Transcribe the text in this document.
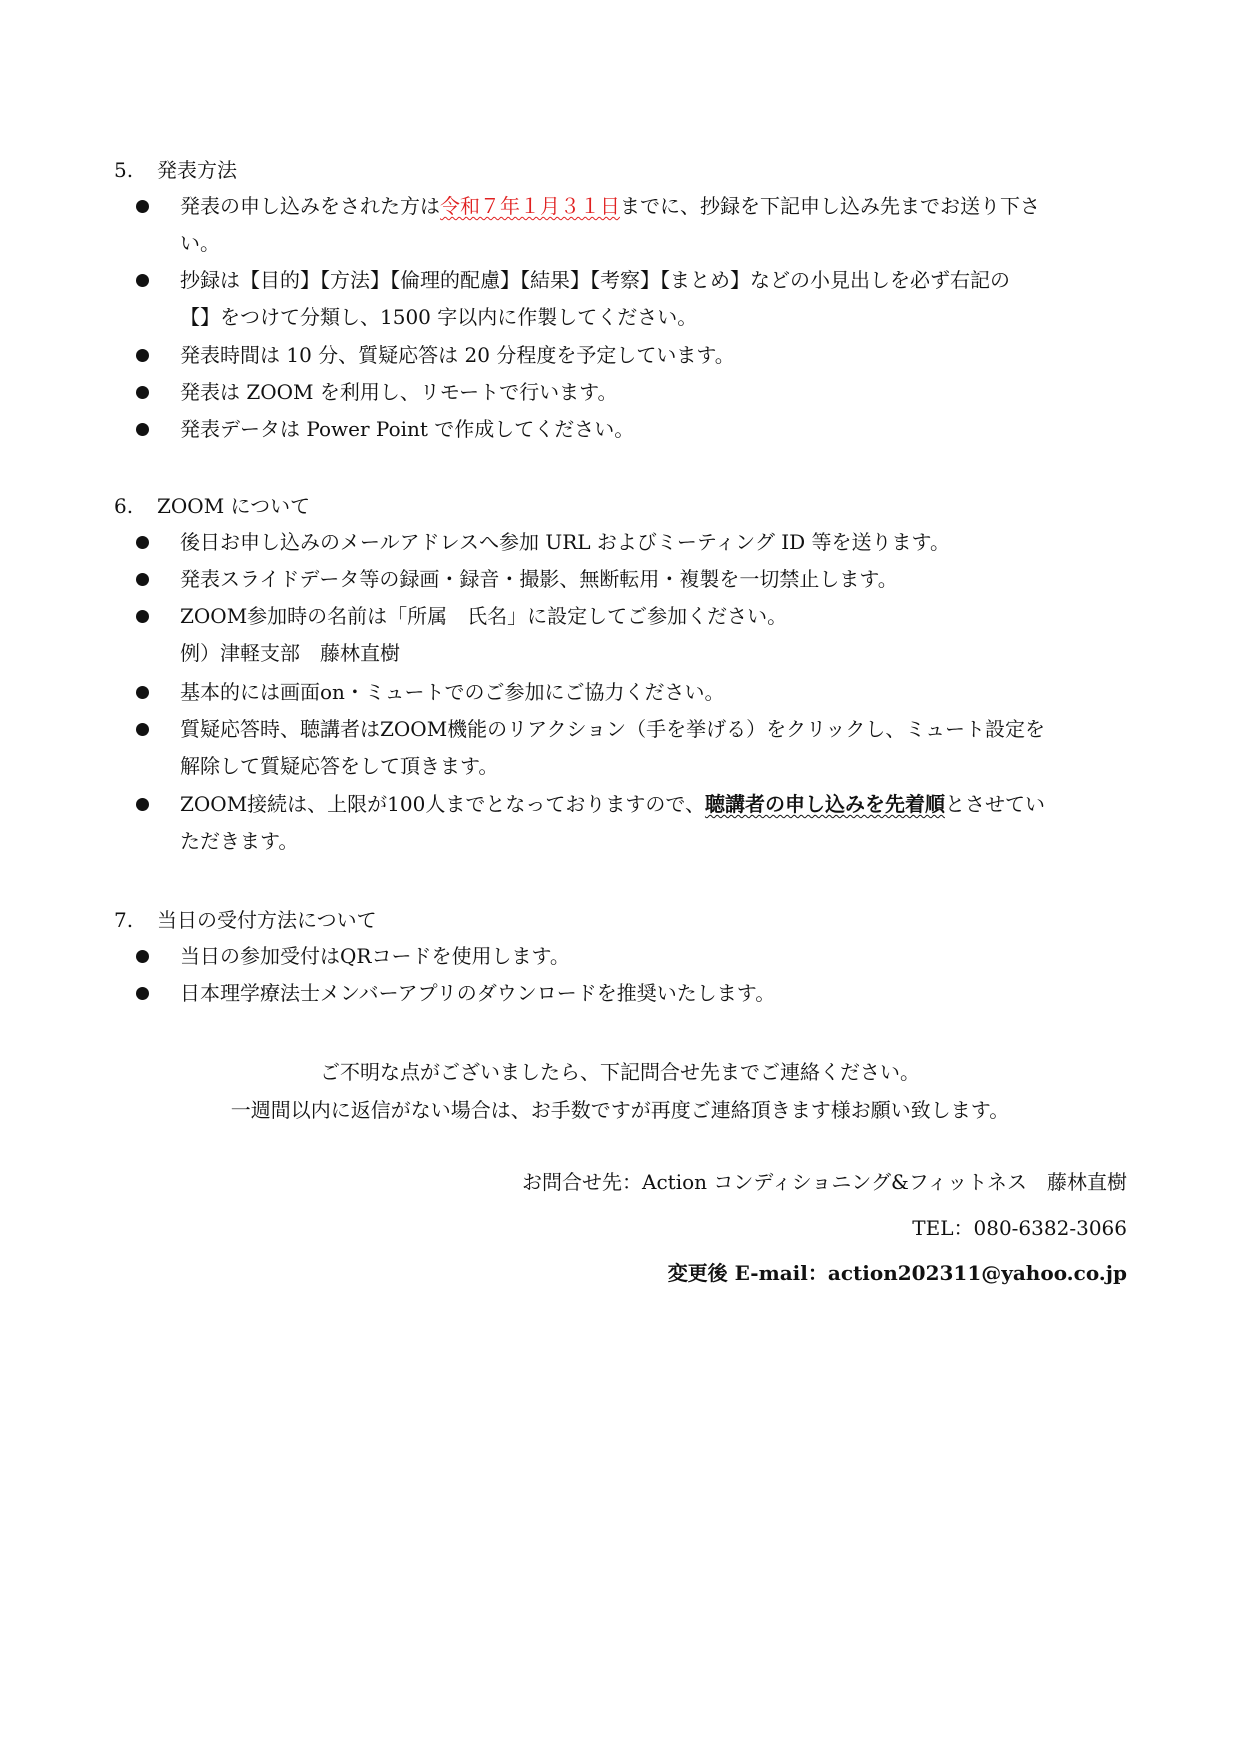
5. 発表方法
発表の申し込みをされた方は令和７年１月３１日までに、抄録を下記申し込み先までお送り下さ
い。
抄録は【目的】【方法】【倫理的配慮】【結果】【考察】【まとめ】などの小見出しを必ず右記の
【】をつけて分類し、1500 字以内に作製してください。
発表時間は 10 分、質疑応答は 20 分程度を予定しています。
発表は ZOOM を利用し、リモートで行います。
発表データは Power Point で作成してください。
6. ZOOM について
後日お申し込みのメールアドレスへ参加 URL およびミーティング ID 等を送ります。
発表スライドデータ等の録画・録音・撮影、無断転用・複製を一切禁止します。
ZOOM参加時の名前は「所属　氏名」に設定してご参加ください。
例）津軽支部　藤林直樹
基本的には画面on・ミュートでのご参加にご協力ください。
質疑応答時、聴講者はZOOM機能のリアクション（手を挙げる）をクリックし、ミュート設定を
解除して質疑応答をして頂きます。
ZOOM接続は、上限が100人までとなっておりますので、聴講者の申し込みを先着順とさせてい
ただきます。
7. 当日の受付方法について
当日の参加受付はQRコードを使用します。
日本理学療法士メンバーアプリのダウンロードを推奨いたします。
ご不明な点がございましたら、下記問合せ先までご連絡ください。
一週間以内に返信がない場合は、お手数ですが再度ご連絡頂きます様お願い致します。
お問合せ先：Action コンディショニング&フィットネス　藤林直樹
TEL：080-6382-3066
変更後 E-mail：action202311@yahoo.co.jp
